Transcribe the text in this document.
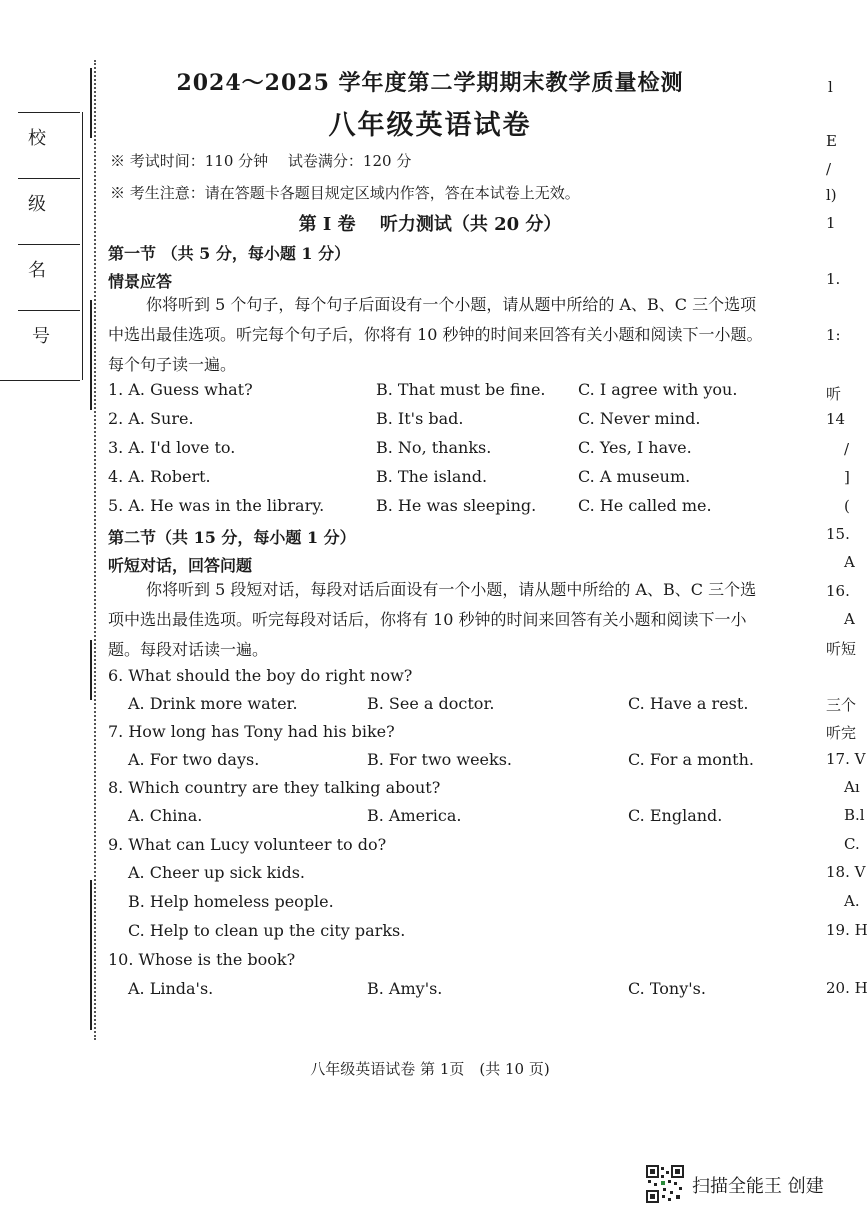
校
级
名
号
2024～2025 学年度第二学期期末教学质量检测
八年级英语试卷
※ 考试时间：110 分钟　 试卷满分：120 分
※ 考生注意：请在答题卡各题目规定区域内作答，答在本试卷上无效。
第 I 卷　 听力测试（共 20 分）
第一节 （共 5 分，每小题 1 分）
情景应答
你将听到 5 个句子，每个句子后面设有一个小题，请从题中所给的 A、B、C 三个选项中选出最佳选项。听完每个句子后，你将有 10 秒钟的时间来回答有关小题和阅读下一小题。每个句子读一遍。
1. A. Guess what?	B. That must be fine. C. I agree with you.
2. A. Sure.	B. It's bad.	C. Never mind.
3. A. I'd love to.	B. No, thanks.	C. Yes, I have.
4. A. Robert.	B. The island.	C. A museum.
5. A. He was in the library.	B. He was sleeping.	C. He called me.
第二节（共 15 分，每小题 1 分）
听短对话，回答问题
你将听到 5 段短对话，每段对话后面设有一个小题，请从题中所给的 A、B、C 三个选项中选出最佳选项。听完每段对话后，你将有 10 秒钟的时间来回答有关小题和阅读下一小题。每段对话读一遍。
6. What should the boy do right now?
A. Drink more water.	B. See a doctor.	C. Have a rest.
7. How long has Tony had his bike?
A. For two days.	B. For two weeks.	C. For a month.
8. Which country are they talking about?
A. China.	B. America.	C. England.
9. What can Lucy volunteer to do?
A. Cheer up sick kids.
B. Help homeless people.
C. Help to clean up the city parks.
10. Whose is the book?
A. Linda's.	B. Amy's.	C. Tony's.
l
E
/
l)
1
1.
1:
听
14
/
]
(
15.
A
16.
A
听短
三个
听完
17. V
Aı
B.l
C.
18. V
A.
19. H
20. H
八年级英语试卷 第 1页　(共 10 页)
扫描全能王 创建
